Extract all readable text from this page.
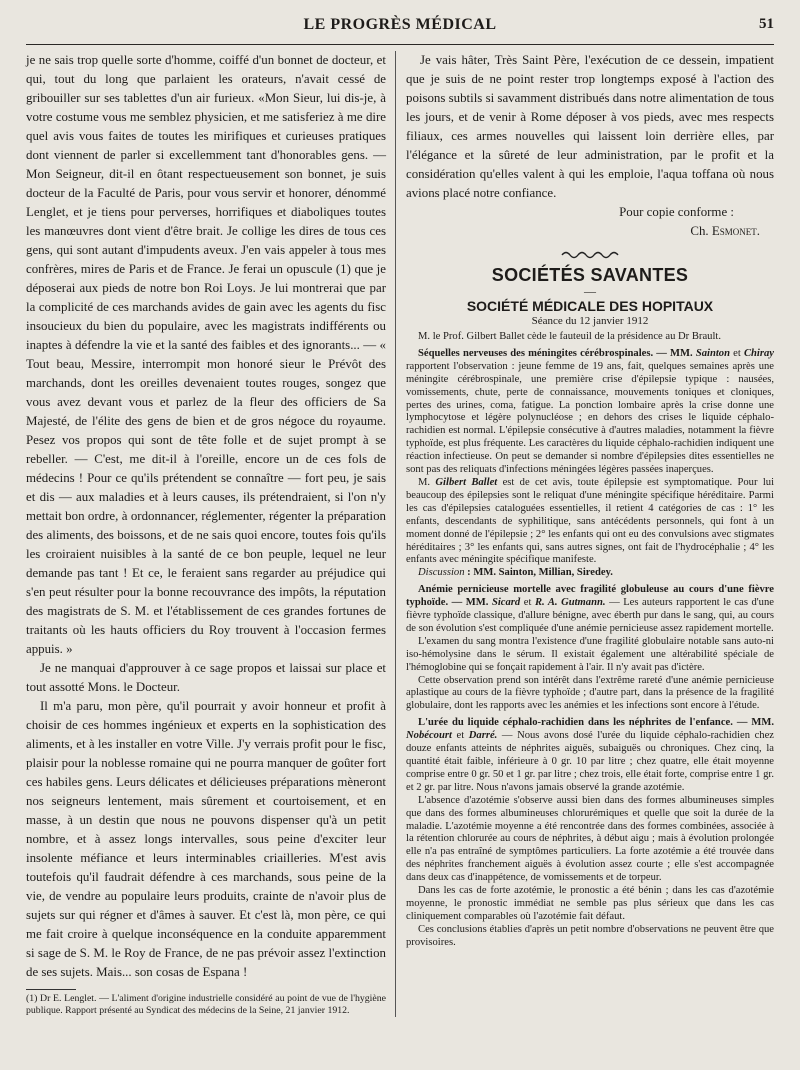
LE PROGRÈS MÉDICAL	51

je ne sais trop quelle sorte d'homme, coiffé d'un bonnet de docteur, et qui, tout du long que parlaient les orateurs, n'avait cessé de gribouiller sur ses tablettes d'un air furieux. «Mon Sieur, lui dis-je, à votre costume vous me semblez physicien, et me satisferiez à me dire quel avis vous faites de toutes les mirifiques et curieuses pratiques dont viennent de parler si excellemment tant d'honorables gens. — Mon Seigneur, dit-il en ôtant respectueusement son bonnet, je suis docteur de la Faculté de Paris, pour vous servir et honorer, dénommé Lenglet, et je tiens pour perverses, horrifiques et diaboliques toutes les manœuvres dont vient d'être brait. Je collige les dires de tous ces gens, qui sont autant d'impudents aveux. J'en vais appeler à tous mes confrères, mires de Paris et de France. Je ferai un opuscule (1) que je déposerai aux pieds de notre bon Roi Loys. Je lui montrerai que par la complicité de ces marchands avides de gain avec les agents du fisc insoucieux du bien du populaire, avec les magistrats indifférents ou inaptes à défendre la vie et la santé des faibles et des ignorants... — « Tout beau, Messire, interrompit mon honoré sieur le Prévôt des marchands, dont les oreilles devenaient toutes rouges, songez que vous avez devant vous et parlez de la fleur des officiers de Sa Majesté, de l'élite des gens de bien et de gros négoce du royaume. Pesez vos propos qui sont de tête folle et de sujet prompt à se rebeller. — C'est, me dit-il à l'oreille, encore un de ces fols de médecins ! Pour ce qu'ils prétendent se connaître — fort peu, je sais et dis — aux maladies et à leurs causes, ils prétendraient, si l'on n'y mettait bon ordre, à ordonnancer, réglementer, régenter la préparation des aliments, des boissons, et de ne sais quoi encore, toutes fois qu'ils les croiraient nuisibles à la santé de ce bon peuple, lequel ne leur demande pas tant ! Et ce, le feraient sans regarder au préjudice qui s'en peut résulter pour la bonne recouvrance des impôts, la réputation des magistrats de S. M. et l'établissement de ces grandes fortunes de traitants où les hauts officiers du Roy trouvent à l'occasion fermes appuis. »

Je ne manquai d'approuver à ce sage propos et laissai sur place et tout assotté Mons. le Docteur.

Il m'a paru, mon père, qu'il pourrait y avoir honneur et profit à choisir de ces hommes ingénieux et experts en la sophistication des aliments, et à les installer en votre Ville. J'y verrais profit pour le fisc, plaisir pour la noblesse romaine qui ne pourra manquer de goûter fort ces habiles gens. Leurs délicates et délicieuses préparations mèneront nos seigneurs lentement, mais sûrement et courtoisement, et en masse, à un destin que nous ne pouvons dispenser qu'à un petit nombre, et à assez longs intervalles, sous peine d'exciter leur insolente méfiance et leurs interminables criailleries. M'est avis toutefois qu'il faudrait défendre à ces marchands, sous peine de la vie, de vendre au populaire leurs produits, crainte de n'avoir plus de sujets sur qui régner et d'âmes à sauver. Et c'est là, mon père, ce qui me fait croire à quelque inconséquence en la conduite apparemment si sage de S. M. le Roy de France, de ne pas prévoir assez l'extinction de ses sujets. Mais... son cosas de Espana !

(1) Dr E. Lenglet. — L'aliment d'origine industrielle considéré au point de vue de l'hygiène publique. Rapport présenté au Syndicat des médecins de la Seine, 21 janvier 1912.

Je vais hâter, Très Saint Père, l'exécution de ce dessein, impatient que je suis de ne point rester trop longtemps exposé à l'action des poisons subtils si savamment distribués dans notre alimentation de tous les jours, et de venir à Rome déposer à vos pieds, avec mes respects filiaux, ces armes nouvelles qui laissent loin derrière elles, par l'élégance et la sûreté de leur administration, par le profit et la considération qu'elles valent à qui les emploie, l'aqua toffana où nous avions placé notre confiance.

Pour copie conforme :

Ch. Esmonet.

SOCIÉTÉS SAVANTES

—

SOCIÉTÉ MÉDICALE DES HOPITAUX

Séance du 12 janvier 1912

M. le Prof. Gilbert Ballet cède le fauteuil de la présidence au Dr Brault.

Séquelles nerveuses des méningites cérébrospinales. — MM. Sainton et Chiray rapportent l'observation : jeune femme de 19 ans, fait, quelques semaines après une méningite cérébrospinale, une première crise d'épilepsie typique : nausées, vomissements, chute, perte de connaissance, mouvements toniques et cloniques, pertes des urines, coma, fatigue. La ponction lombaire après la crise donne une lymphocytose et légère polynucléose ; en dehors des crises le liquide céphalo-rachidien est normal. L'épilepsie consécutive à d'autres maladies, notamment la fièvre typhoïde, est plus fréquente. Les caractères du liquide céphalo-rachidien indiquent une réaction infectieuse. On peut se demander si nombre d'épilepsies dites essentielles ne sont pas des reliquats d'infections méningées légères passées inaperçues.

M. Gilbert Ballet est de cet avis, toute épilepsie est symptomatique. Pour lui beaucoup des épilepsies sont le reliquat d'une méningite spécifique héréditaire. Parmi les cas d'épilepsies cataloguées essentielles, il retient 4 catégories de cas : 1° les enfants, descendants de syphilitique, sans antécédents personnels, qui font à un moment donné de l'épilepsie ; 2° les enfants qui ont eu des convulsions avec stigmates héréditaires ; 3° les enfants qui, sans autres signes, ont fait de l'hydrocéphalie ; 4° les enfants avec méningite spécifique manifeste.

Discussion : MM. Sainton, Millian, Siredey.

Anémie pernicieuse mortelle avec fragilité globuleuse au cours d'une fièvre typhoïde. — MM. Sicard et R. A. Gutmann. — Les auteurs rapportent le cas d'une fièvre typhoïde classique, d'allure bénigne, avec éberth pur dans le sang, qui, au cours de son évolution s'est compliquée d'une anémie pernicieuse assez rapidement mortelle.

L'examen du sang montra l'existence d'une fragilité globulaire notable sans auto-ni iso-hémolysine dans le sérum. Il existait également une altérabilité spéciale de l'hémoglobine qui se fonçait rapidement à l'air. Il n'y avait pas d'ictère.

Cette observation prend son intérêt dans l'extrême rareté d'une anémie pernicieuse aplastique au cours de la fièvre typhoïde ; d'autre part, dans la présence de la fragilité globulaire, dont les rapports avec les anémies et les infections sont encore à l'étude.

L'urée du liquide céphalo-rachidien dans les néphrites de l'enfance. — MM. Nobécourt et Darré. — Nous avons dosé l'urée du liquide céphalo-rachidien chez douze enfants atteints de néphrites aiguës, subaiguës ou chroniques. Chez cinq, la quantité était faible, inférieure à 0 gr. 10 par litre ; chez quatre, elle était moyenne comprise entre 0 gr. 50 et 1 gr. par litre ; chez trois, elle était forte, comprise entre 1 gr. et 2 gr. par litre. Nous n'avons jamais observé la grande azotémie.

L'absence d'azotémie s'observe aussi bien dans des formes albumineuses simples que dans des formes albumineuses chlorurémiques et quelle que soit la durée de la maladie. L'azotémie moyenne a été rencontrée dans des formes combinées, associée à la rétention chlorurée au cours de néphrites, à début aigu ; mais à évolution prolongée elle n'a pas entraîné de symptômes particuliers. La forte azotémie a été trouvée dans des néphrites franchement aiguës à évolution assez courte ; elle s'est accompagnée dans deux cas d'inappétence, de vomissements et de torpeur.

Dans les cas de forte azotémie, le pronostic a été bénin ; dans les cas d'azotémie moyenne, le pronostic immédiat ne semble pas plus sérieux que dans les cas cliniquement comparables où l'azotémie fait défaut.

Ces conclusions établies d'après un petit nombre d'observations ne peuvent être que provisoires.
